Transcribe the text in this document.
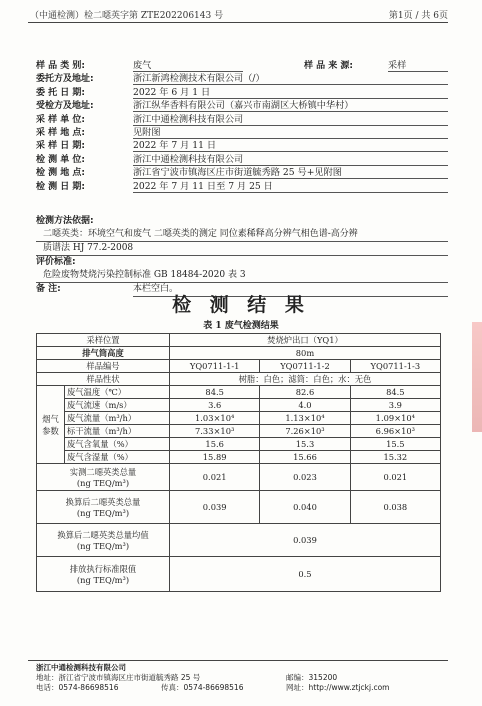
（中通检测）检二噁英字第 ZTE202206143 号	第1页 / 共 6页
样 品 类 别:	废气	样 品 来 源:	采样
委托方及地址:	浙江新鸿检测技术有限公司（/）
委 托 日 期:	2022 年 6 月 1 日
受检方及地址:	浙江纵华香料有限公司（嘉兴市南湖区大桥镇中华村）
采 样 单 位:	浙江中通检测科技有限公司
采 样 地 点:	见附图
采 样 日 期:	2022 年 7 月 11 日
检 测 单 位:	浙江中通检测科技有限公司
检 测 地 点:	浙江省宁波市镇海区庄市街道毓秀路 25 号+见附图
检 测 日 期:	2022 年 7 月 11 日至 7 月 25 日
检测方法依据:
二噁英类：环境空气和废气 二噁英类的测定 同位素稀释高分辨气相色谱-高分辨
质谱法 HJ 77.2-2008
评价标准:
危险废物焚烧污染控制标准 GB 18484-2020 表 3
备 注:	本栏空白。
检 测 结 果
表 1 废气检测结果
采样位置		焚烧炉出口（YQ1）		
排气筒高度		80m		
样品编号		YQ0711-1-1	YQ0711-1-2	YQ0711-1-3
样品性状		树脂：白色；滤筒：白色；水：无色		
烟气
参数	废气温度（℃）	84.5	82.6	84.5
	废气流速（m/s）	3.6	4.0	3.9
	废气流量（m³/h）	1.03×10⁴	1.13×10⁴	1.09×10⁴
	标干流量（m³/h）	7.33×10³	7.26×10³	6.96×10³
	废气含氧量（%）	15.6	15.3	15.5
	废气含湿量（%）	15.89	15.66	15.32
实测二噁英类总量
(ng TEQ/m³)		0.021	0.023	0.021
换算后二噁英类总量
(ng TEQ/m³)		0.039	0.040	0.038
换算后二噁英类总量均值
(ng TEQ/m³)		0.039		
排放执行标准限值
(ng TEQ/m³)		0.5		
浙江中通检测科技有限公司
地址：浙江省宁波市镇海区庄市街道毓秀路 25 号	邮编：315200
电话：0574-86698516	传真：0574-86698516	网址：http://www.ztjckj.com
